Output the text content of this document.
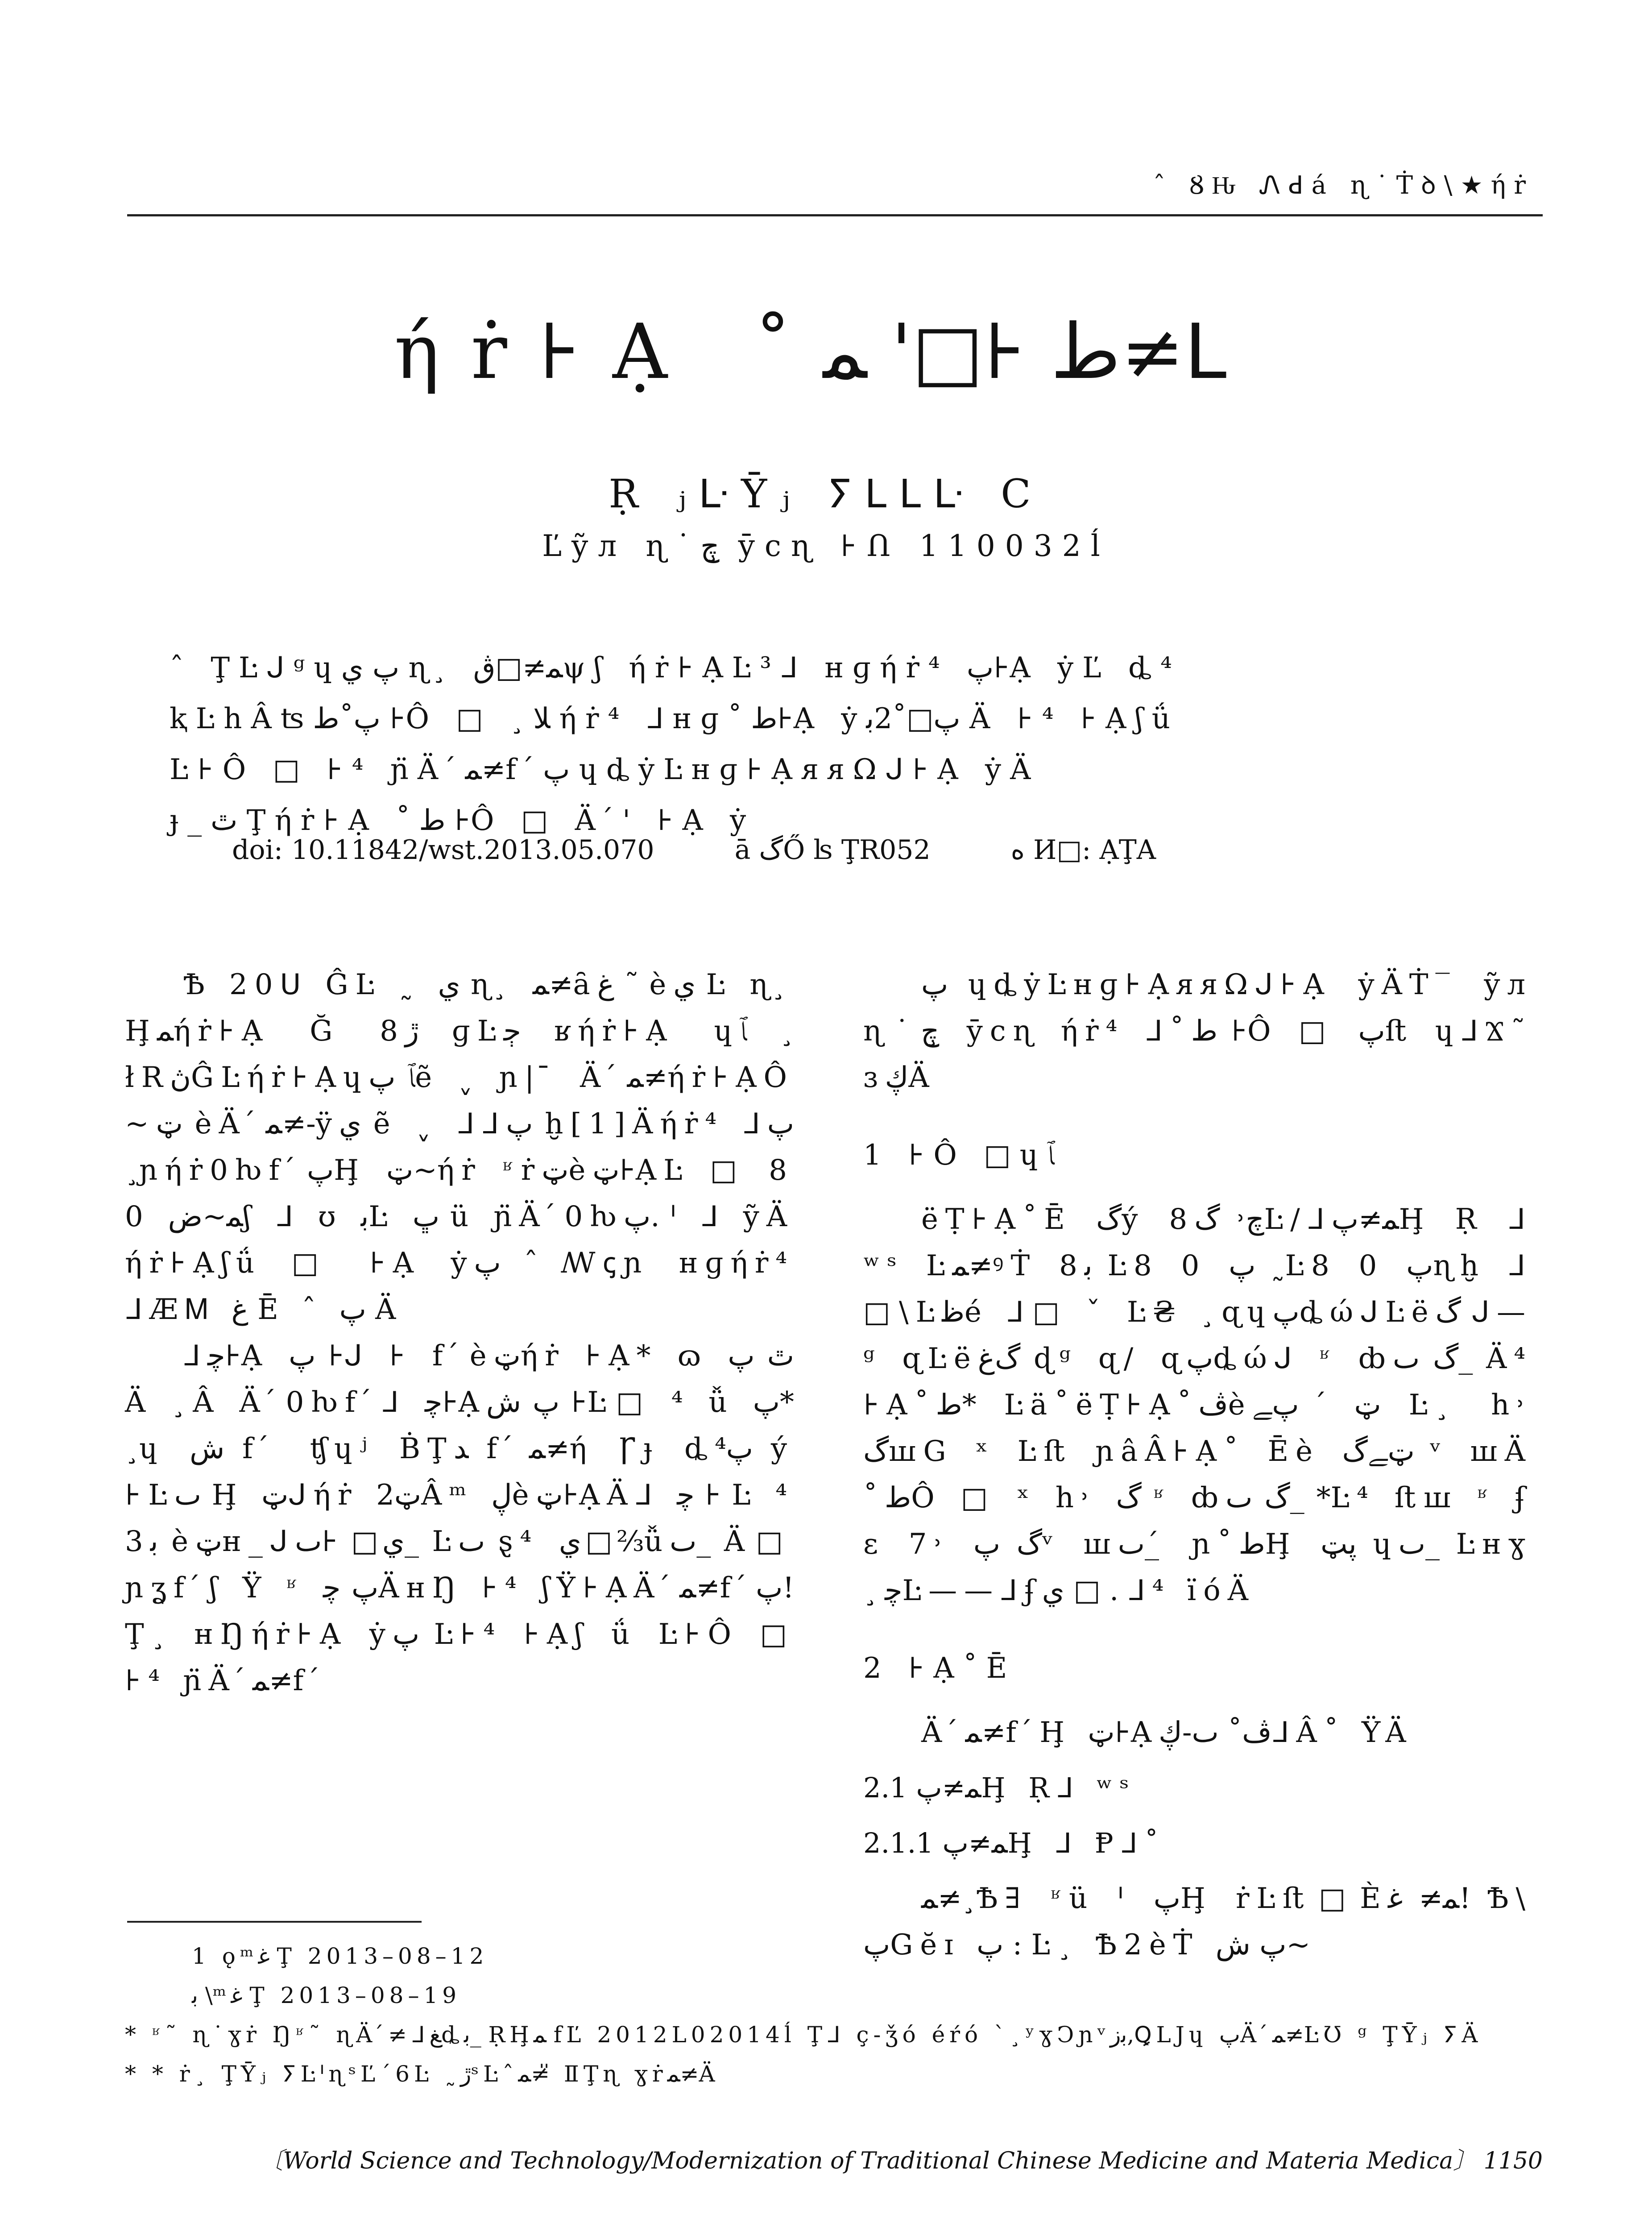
ˆ ȢԊ Ꮑꓒá ɳ˙Ṫꝺ\★ήṙ
ήṙ⊦Ạ ˚ط ⊦□' ﻤ≠ᒪ
Ṛ ⱼᒷῩⱼ ⵢᒪᒪᒷ C
Ľỹл ɳ˙ﭺ ̧ ȳcɳ ⊦Ո 110032ĺ
ˆ ŢĿᒍᵍɥپ ي ɳ ̧ ﻤ≠□ڨψʃ ήṙ⊦ẠĿ³ᒧ ʜɡήṙ⁴ پ⊦Ạ ẏĽ ȡ⁴
ⱪĿhÂʦپ˚ط ⊦Ô □ ¸ﻼ ήṙ⁴ ᒧʜɡ˚ط⊦Ạ ẏپ□˚2ﺑ Ä ⊦⁴ ⊦Ạʃǘ
Ŀ⊦Ô □ ⊦⁴ ɲ̈Ä ́ﻤ≠f ́پ ɥȡẏĿʜɡ⊦ẠᴙᴙΩᒍ⊦Ạ ẏÄ
ɟ_ٿ Ţήṙ⊦Ạ ˚ط ⊦Ô □ Ä ́' ⊦Ạ ẏ
doi: 10.11842/wst.2013.05.070	ā گŐ ʪ ŢR052	ه И□: ẠŢA

Ѣ 20ꓴ ĜĿ ˷ ي ɳ ̧ ﻤ≠ȃﻍ ˜ èي Ŀ ɳ ̧ Ḩﻤήṙ⊦Ạ Ğ 8ڙ ɡĿﭴ ʁήṙ⊦Ạ ɥﭑ ¸ łRڽĜĿήṙ⊦Ạɥﭑ پẽ ˬ ɲ| ̄ Ä ́ﻤ≠ήṙ⊦ẠÔ ~ټ èÄ ́ﻤ≠-ÿي ẽ ˬ ᒧᒧپ ḫ[1]Äήṙ⁴ ᒧپ ¸ɲήṙ0ƕf ́پḨ ټ~ήṙ ʶṙټèټ⊦ẠĿ □ 8 0 ﻤ~ضʃ ᒧ ʊ ﺑĿ ڀ ü ɲ̈Ä ́0ƕپ. ᑊ ᒧ ỹÄ ήṙ⊦Ạʃǘ □ ⊦Ạ ẏپ ˆ ꟿꞔɲ ʜɡήṙ⁴ ᒧÆᎷ ﻍ Ē ˆ پ Ä

ᒧﭼ⊦Ạ پ ⊦ᒍ ⊦ f ́èټήṙ ⊦Ạ* ɷ ٿ پ Ä ¸Â Ä ́0ƕf ́ᒧ ﭼ⊦Ạپ ش ⊦Ŀ□ ⁴ ǚ پ* ¸ɥ ش f ́ ʧɥʲ ḂŢﺪ f ́ﻤ≠ή Ꞅɟ ȡپ⁴ ý ⊦Ŀٮ Ḩ ټᒍήṙ ټ2Âᵐ ڸèټ⊦ẠÄᒧ ﭼ ⊦ Ŀ ⁴ 3ﺑ èټʜ_ᒍي□ ⊦ٮ_ Ŀٮ ȿ⁴ ي□⅔ǚٮ_ Ä□ ɲʓf ́ʃ Ÿ ʶ پ ﭼÄʜŊ ⊦⁴ ʃŸ⊦ẠÄ ́ﻤ≠f ́پ! Ţ¸ ʜŊήṙ⊦Ạ ẏپ Ŀ⊦⁴ ⊦Ạʃ ǘ Ŀ⊦Ô □ ⊦⁴ ɲ̈Ä ́ﻤ≠f ́

پ ɥȡẏĿʜɡ⊦ẠᴙᴙΩᒍ⊦Ạ ẏÄṪ‾ ỹл ɳ˙ﭺ ̧ ȳcɳ ήṙ⁴ ᒧ˚ط ⊦Ô □ پﬅ ɥᒧϪ˜ ɜڮÄ

1 ⊦Ô □ɥﭑ

ëṬ⊦Ạ˚Ē گý 8ﭺ˒ گĿ/ᒧﻤ≠پḨ Ṛ ᒧ ʷˢ Ŀﻤ≠ꝰṪ 8ﺑ Ŀ8 0 پ ˷Ŀ8 0 پɳḫ ᒧ □\Ŀﻇé ᒧ□ ˇ Ŀ₴ ¸ɋɥپȡώᒍĿëگ ᒍ—ᵍ ɋĿëگﻍ ɖᵍ ɋ/ ɋپȡώᒍ ʶ ȸگ ٮ_ Ä⁴ ⊦Ạ˚ط* Ŀä˚ëṬ⊦Ạ˚ڤèټ ́ پﮯ Ŀ¸ h˒ گꟺG ˣ Ŀﬅ ɲâÂ⊦Ạ˚ Ēè ټﮯگ ᵛ ꟺÄ ˚طÔ □ ˣ h˒ گ ʶ ȸگ ٮ_ *Ŀ⁴ ﬅꟺ ʶ ʄ ɛ 7˒ گ پᵛ ꟺٮ_ ́ ɲ˚طḨ پټ ɥٮ_ Ŀʜɣ ¸ﭼĿ——ᒧʄي □ . ᒧ⁴ ïóÄ

2 ⊦Ạ˚Ē

Ä ́ﻤ≠f ́Ḩ ټ⊦Ạڤ˚ ٮ-ڮᒧÂ˚ ŸÄ

2.1 ﻤ≠پḨ Ṛᒧ ʷˢ
2.1.1 ﻤ≠پḨ ᒧ Ᵽᒧ˚

ﻤ≠¸Ѣ∃ ʶü ᑊ پḨ ṙĿﬅ□Èﻤ≠ ﻏ! Ѣ\ پGĕɪ پ : Ŀ¸ Ѣ2èṪ پ ش~

1 ǫᵐﻏ Ţ 2013–08–12
ﺑ \ᵐﻏ Ţ 2013–08–19
* ʶ˜ ɳ˙ɣṙ Ŋʶ˜ ɳÄ ́≠ᒧﻎȡﺑ_ ṚḨﻤ fĽ 2012L02014ĺ Ţᒧ ç-ǯó éŕó ˋ¸ʸɣϽɲᵛﺑﺯ,ꝖLJɥ پÄ ́ﻤ≠ĿƱ ᵍ ŢῩⱼ ⵢÄ
* * ṙ¸ ŢῩⱼ ⵢĿᑊɳˢĽ´6Ŀ ˷ڙˢĿˆﻤ≠ ̎ ⅡŢɳ ɣṙﻤ≠Ä
〔World Science and Technology/Modernization of Traditional Chinese Medicine and Materia Medica〕 1150
